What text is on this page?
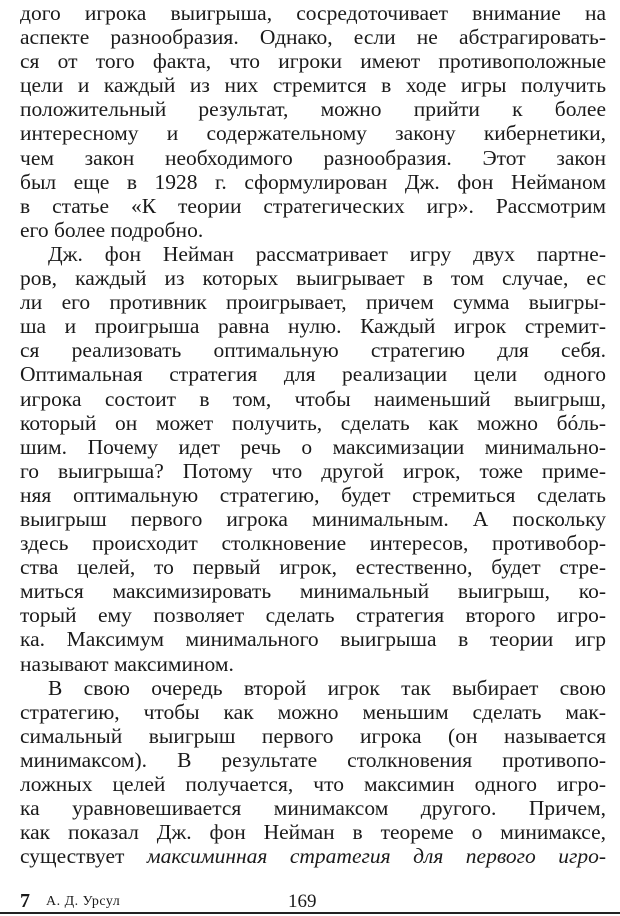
дого игрока выигрыша, сосредоточивает внимание на
аспекте разнообразия. Однако, если не абстрагировать-
ся от того факта, что игроки имеют противоположные
цели и каждый из них стремится в ходе игры получить
положительный результат, можно прийти к более
интересному и содержательному закону кибернетики,
чем закон необходимого разнообразия. Этот закон
был еще в 1928 г. сформулирован Дж. фон Нейманом
в статье «К теории стратегических игр». Рассмотрим
его более подробно.
Дж. фон Нейман рассматривает игру двух партне-
ров, каждый из которых выигрывает в том случае, ес
ли его противник проигрывает, причем сумма выигры-
ша и проигрыша равна нулю. Каждый игрок стремит-
ся реализовать оптимальную стратегию для себя.
Оптимальная стратегия для реализации цели одного
игрока состоит в том, чтобы наименьший выигрыш,
который он может получить, сделать как можно бóль-
шим. Почему идет речь о максимизации минимально-
го выигрыша? Потому что другой игрок, тоже приме-
няя оптимальную стратегию, будет стремиться сделать
выигрыш первого игрока минимальным. А поскольку
здесь происходит столкновение интересов, противобор-
ства целей, то первый игрок, естественно, будет стре-
миться максимизировать минимальный выигрыш, ко-
торый ему позволяет сделать стратегия второго игро-
ка. Максимум минимального выигрыша в теории игр
называют максимином.
В свою очередь второй игрок так выбирает свою
стратегию, чтобы как можно меньшим сделать мак-
симальный выигрыш первого игрока (он называется
минимаксом). В результате столкновения противопо-
ложных целей получается, что максимин одного игро-
ка уравновешивается минимаксом другого. Причем,
как показал Дж. фон Нейман в теореме о минимаксе,
существует максиминная стратегия для первого игро-
7 А. Д. Урсул	169
